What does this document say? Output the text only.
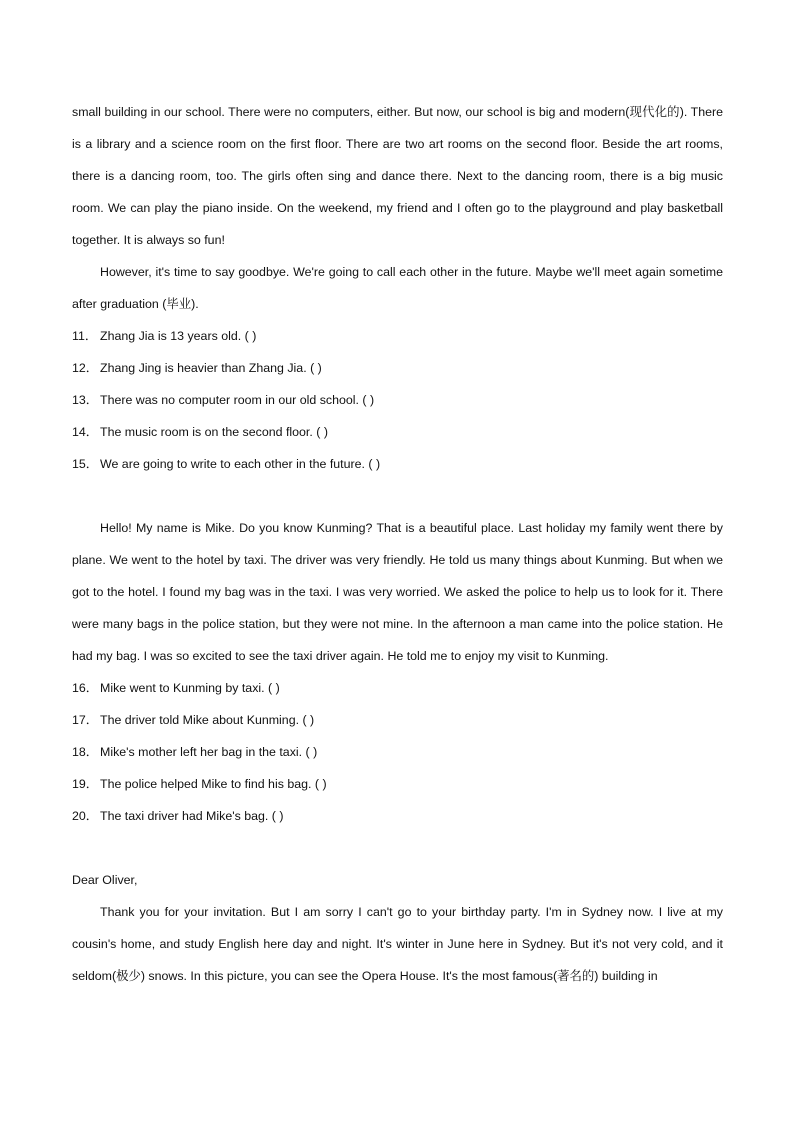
small building in our school. There were no computers, either. But now, our school is big and modern(现代化的). There is a library and a science room on the first floor. There are two art rooms on the second floor. Beside the art rooms, there is a dancing room, too. The girls often sing and dance there. Next to the dancing room, there is a big music room. We can play the piano inside. On the weekend, my friend and I often go to the playground and play basketball together. It is always so fun!

However, it's time to say goodbye. We're going to call each other in the future. Maybe we'll meet again sometime after graduation (毕业).

11． Zhang Jia is 13 years old. ( )
12． Zhang Jing is heavier than Zhang Jia. ( )
13． There was no computer room in our old school. ( )
14． The music room is on the second floor. ( )
15． We are going to write to each other in the future. ( )

Hello! My name is Mike. Do you know Kunming? That is a beautiful place. Last holiday my family went there by plane. We went to the hotel by taxi. The driver was very friendly. He told us many things about Kunming. But when we got to the hotel. I found my bag was in the taxi. I was very worried. We asked the police to help us to look for it. There were many bags in the police station, but they were not mine. In the afternoon a man came into the police station. He had my bag. I was so excited to see the taxi driver again. He told me to enjoy my visit to Kunming.

16． Mike went to Kunming by taxi. ( )
17． The driver told Mike about Kunming. ( )
18． Mike's mother left her bag in the taxi. ( )
19． The police helped Mike to find his bag. ( )
20． The taxi driver had Mike's bag. ( )

Dear Oliver,

Thank you for your invitation. But I am sorry I can't go to your birthday party. I'm in Sydney now. I live at my cousin's home, and study English here day and night. It's winter in June here in Sydney. But it's not very cold, and it seldom(极少) snows. In this picture, you can see the Opera House. It's the most famous(著名的) building in
